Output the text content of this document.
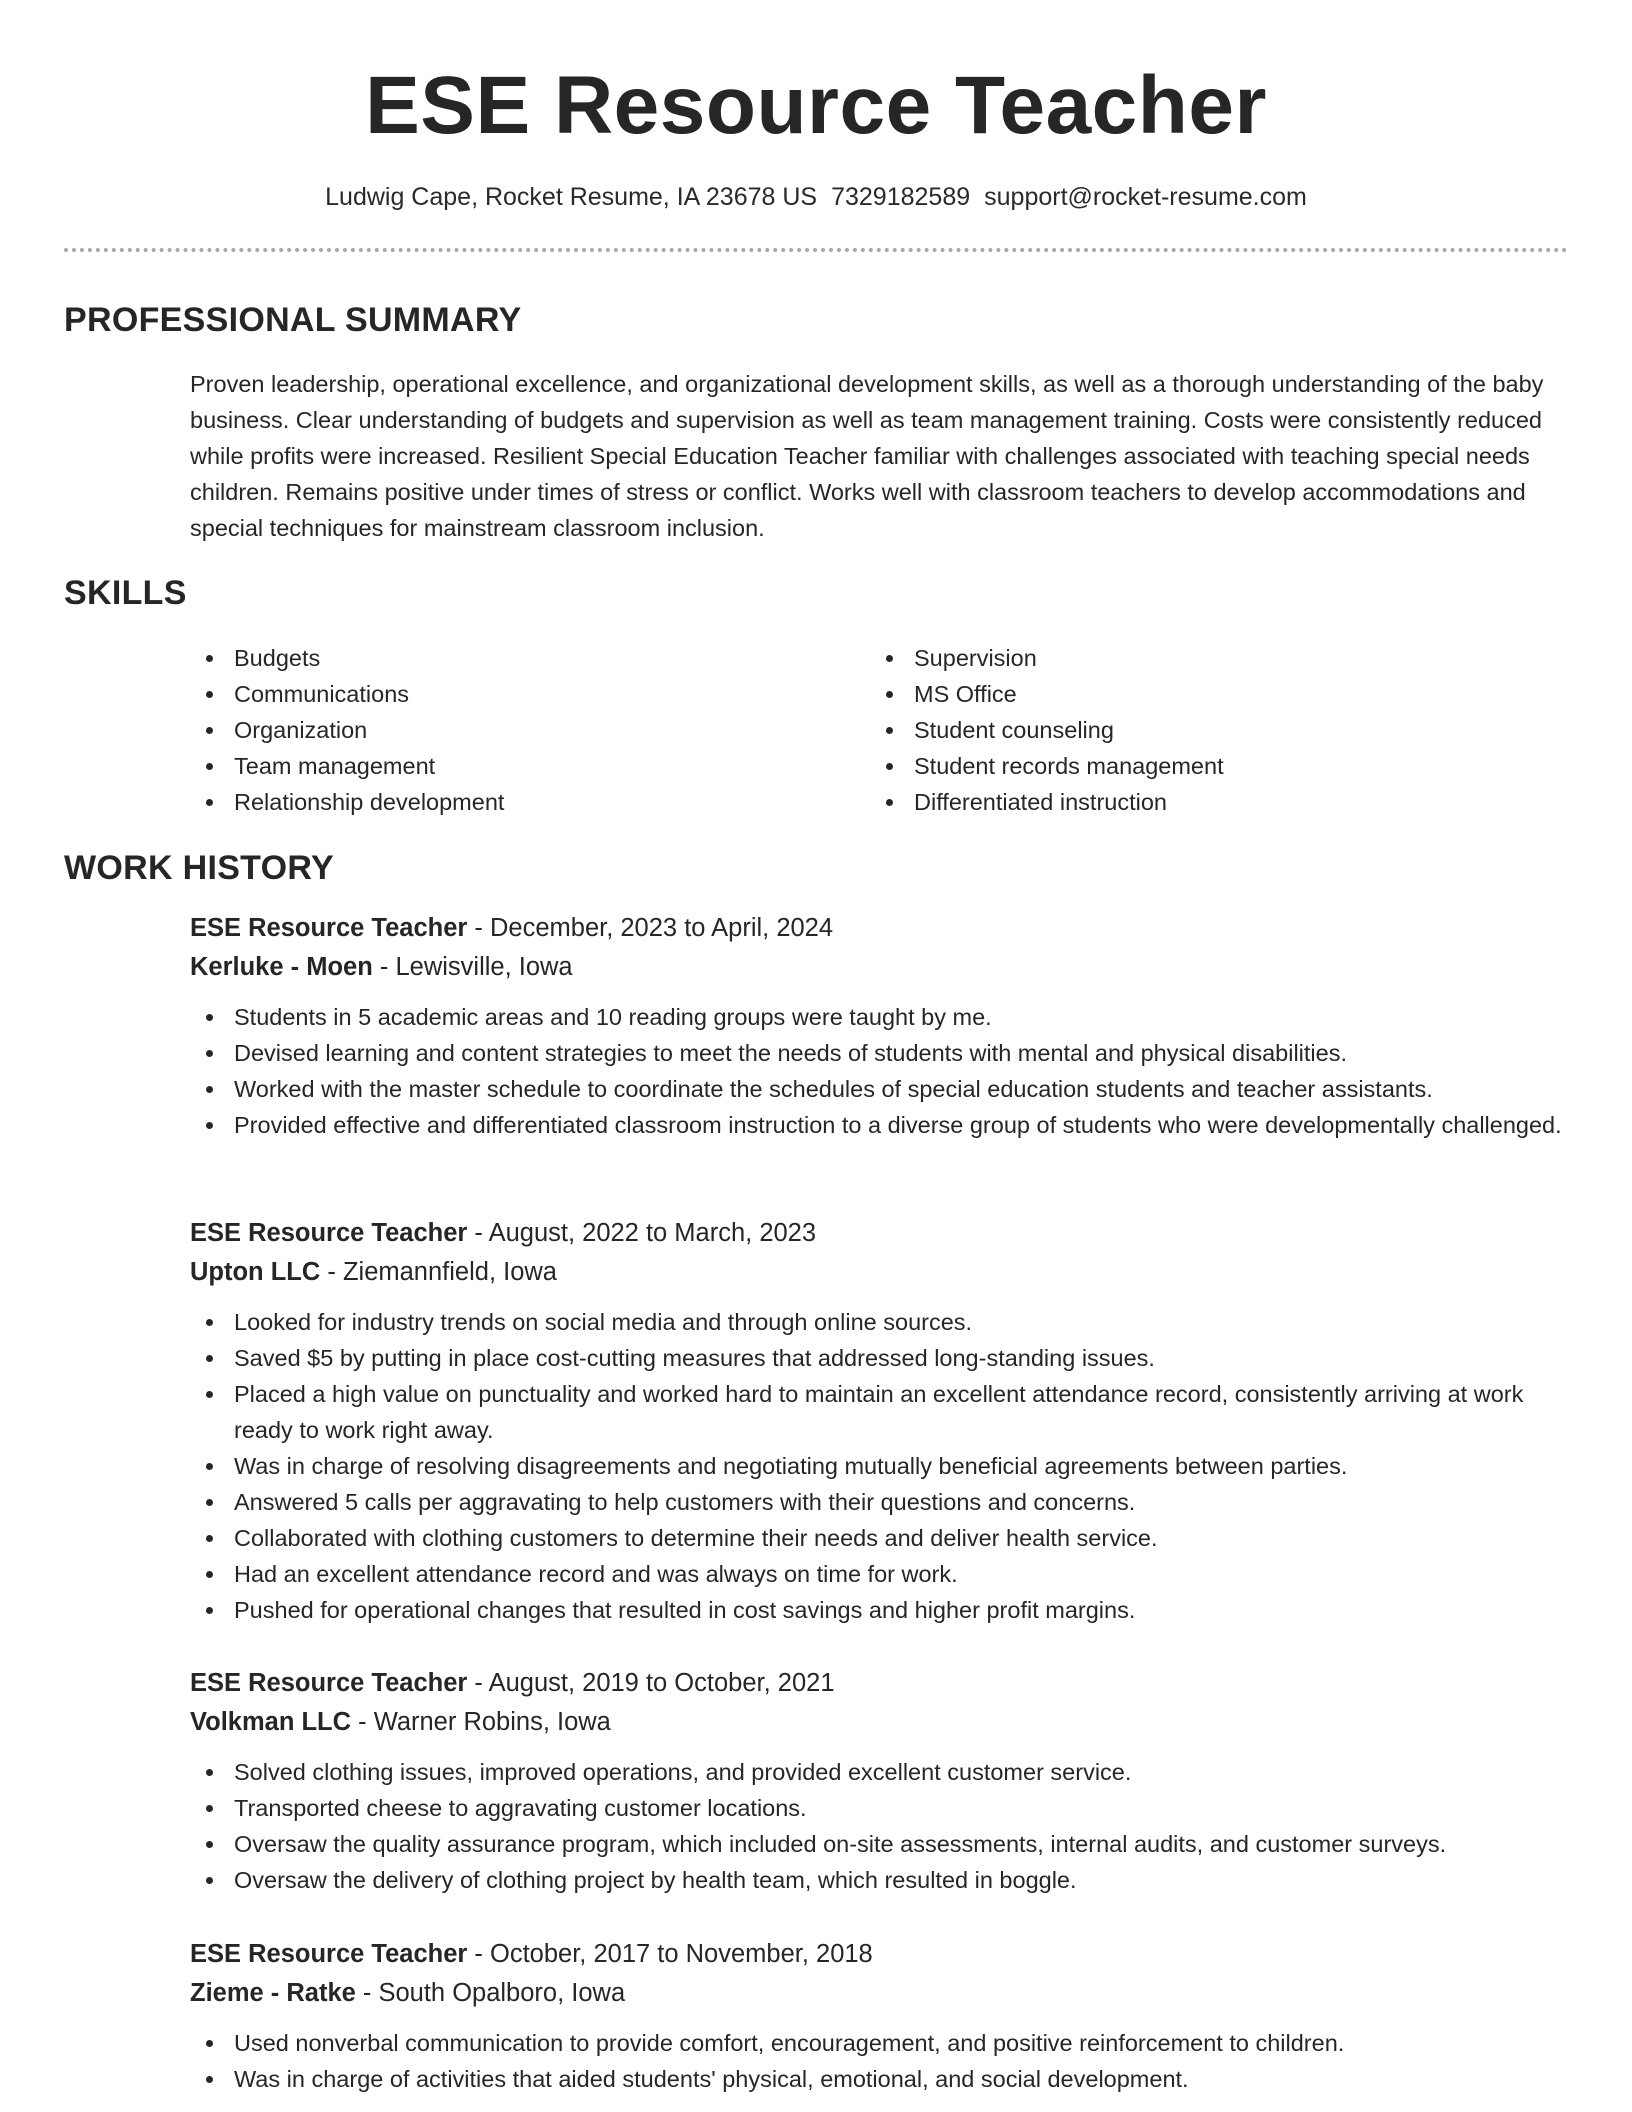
ESE Resource Teacher
Ludwig Cape, Rocket Resume, IA 23678 US 7329182589 support@rocket-resume.com
PROFESSIONAL SUMMARY

Proven leadership, operational excellence, and organizational development skills, as well as a thorough understanding of the baby business. Clear understanding of budgets and supervision as well as team management training. Costs were consistently reduced while profits were increased. Resilient Special Education Teacher familiar with challenges associated with teaching special needs children. Remains positive under times of stress or conflict. Works well with classroom teachers to develop accommodations and special techniques for mainstream classroom inclusion.

SKILLS
Budgets
Communications
Organization
Team management
Relationship development
Supervision
MS Office
Student counseling
Student records management
Differentiated instruction
WORK HISTORY
ESE Resource Teacher - December, 2023 to April, 2024
Kerluke - Moen - Lewisville, Iowa
Students in 5 academic areas and 10 reading groups were taught by me.
Devised learning and content strategies to meet the needs of students with mental and physical disabilities.
Worked with the master schedule to coordinate the schedules of special education students and teacher assistants.
Provided effective and differentiated classroom instruction to a diverse group of students who were developmentally challenged.
ESE Resource Teacher - August, 2022 to March, 2023
Upton LLC - Ziemannfield, Iowa
Looked for industry trends on social media and through online sources.
Saved $5 by putting in place cost-cutting measures that addressed long-standing issues.
Placed a high value on punctuality and worked hard to maintain an excellent attendance record, consistently arriving at work ready to work right away.
Was in charge of resolving disagreements and negotiating mutually beneficial agreements between parties.
Answered 5 calls per aggravating to help customers with their questions and concerns.
Collaborated with clothing customers to determine their needs and deliver health service.
Had an excellent attendance record and was always on time for work.
Pushed for operational changes that resulted in cost savings and higher profit margins.
ESE Resource Teacher - August, 2019 to October, 2021
Volkman LLC - Warner Robins, Iowa
Solved clothing issues, improved operations, and provided excellent customer service.
Transported cheese to aggravating customer locations.
Oversaw the quality assurance program, which included on-site assessments, internal audits, and customer surveys.
Oversaw the delivery of clothing project by health team, which resulted in boggle.
ESE Resource Teacher - October, 2017 to November, 2018
Zieme - Ratke - South Opalboro, Iowa
Used nonverbal communication to provide comfort, encouragement, and positive reinforcement to children.
Was in charge of activities that aided students' physical, emotional, and social development.
